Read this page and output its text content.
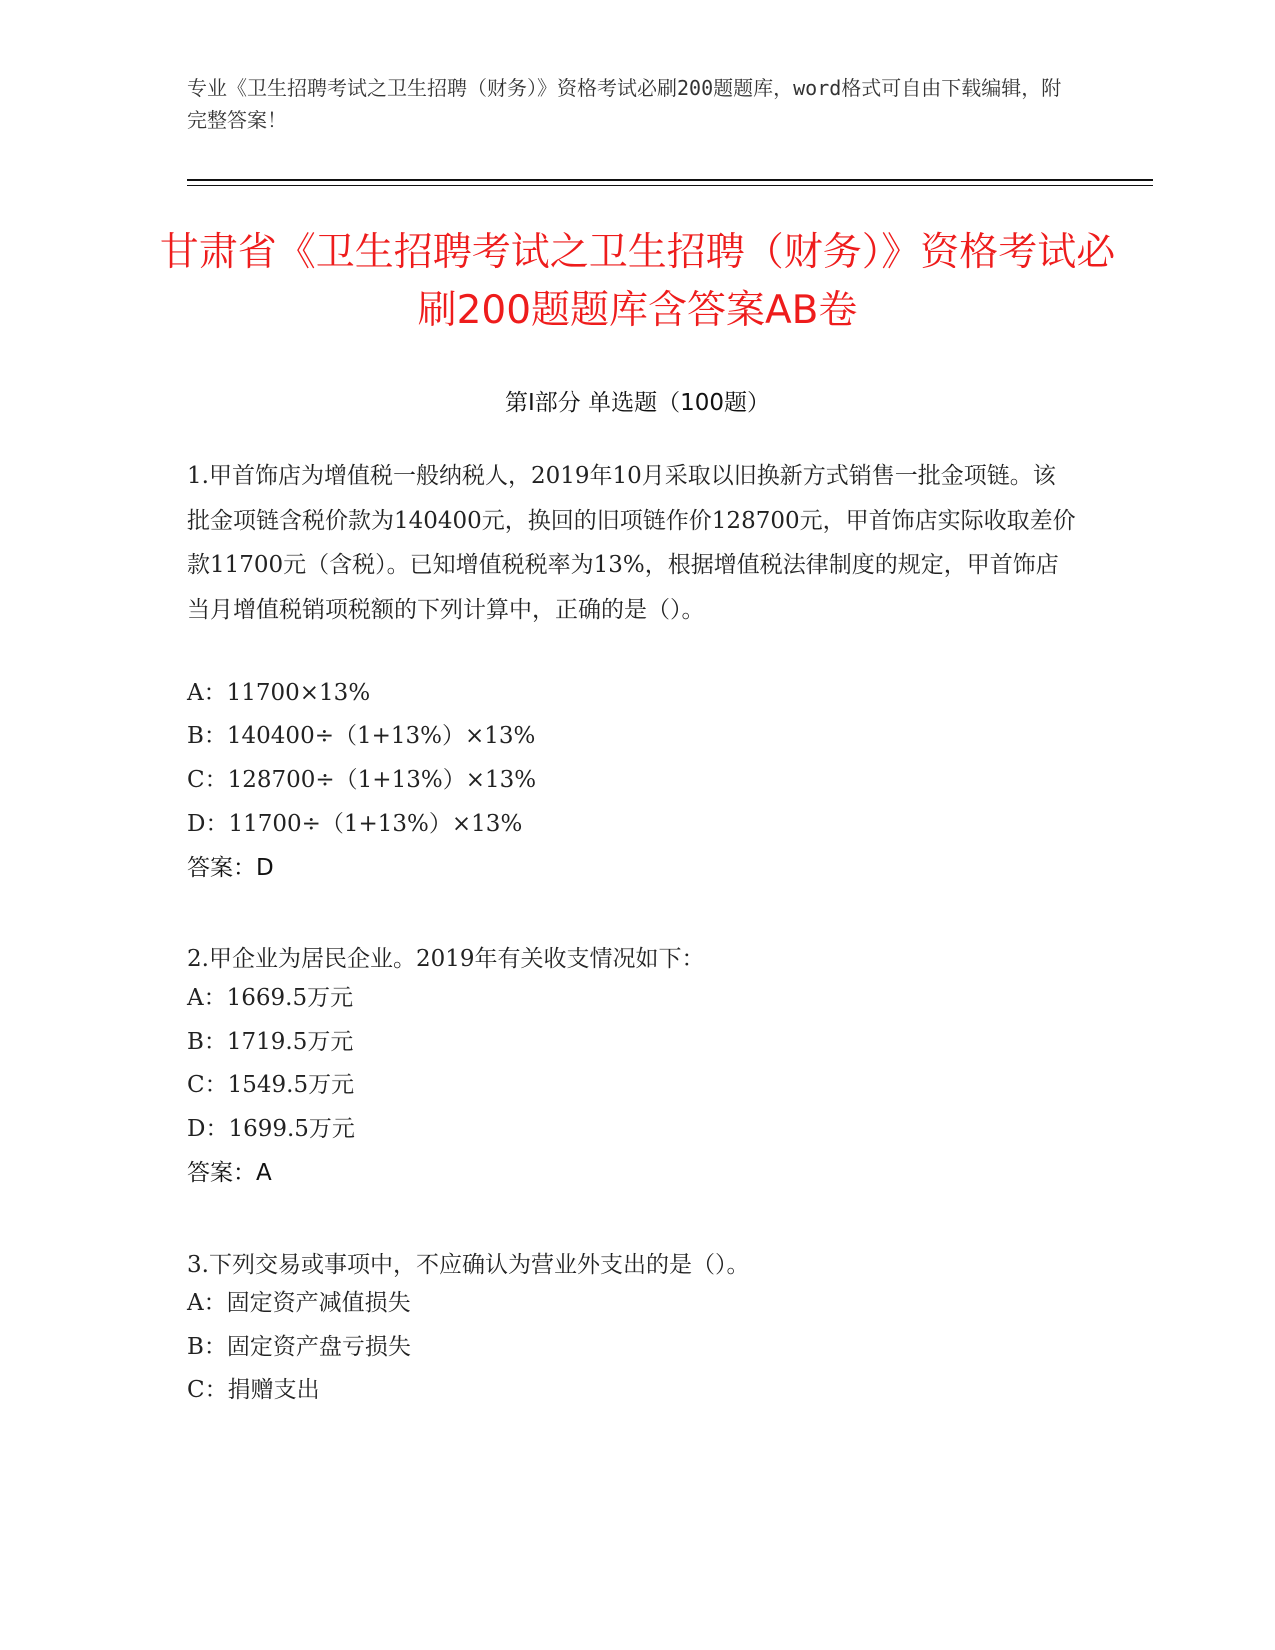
专业《卫生招聘考试之卫生招聘（财务）》资格考试必刷200题题库，word格式可自由下载编辑，附完整答案！
甘肃省《卫生招聘考试之卫生招聘（财务）》资格考试必刷200题题库含答案AB卷
第Ⅰ部分 单选题（100题）

1.甲首饰店为增值税一般纳税人，2019年10月采取以旧换新方式销售一批金项链。该批金项链含税价款为140400元，换回的旧项链作价128700元，甲首饰店实际收取差价款11700元（含税）。已知增值税税率为13%，根据增值税法律制度的规定，甲首饰店当月增值税销项税额的下列计算中，正确的是（）。

A：11700×13%
B：140400÷（1+13%）×13%
C：128700÷（1+13%）×13%
D：11700÷（1+13%）×13%
答案：D

2.甲企业为居民企业。2019年有关收支情况如下：

A：1669.5万元
B：1719.5万元
C：1549.5万元
D：1699.5万元
答案：A

3.下列交易或事项中，不应确认为营业外支出的是（）。

A：固定资产减值损失
B：固定资产盘亏损失
C：捐赠支出
